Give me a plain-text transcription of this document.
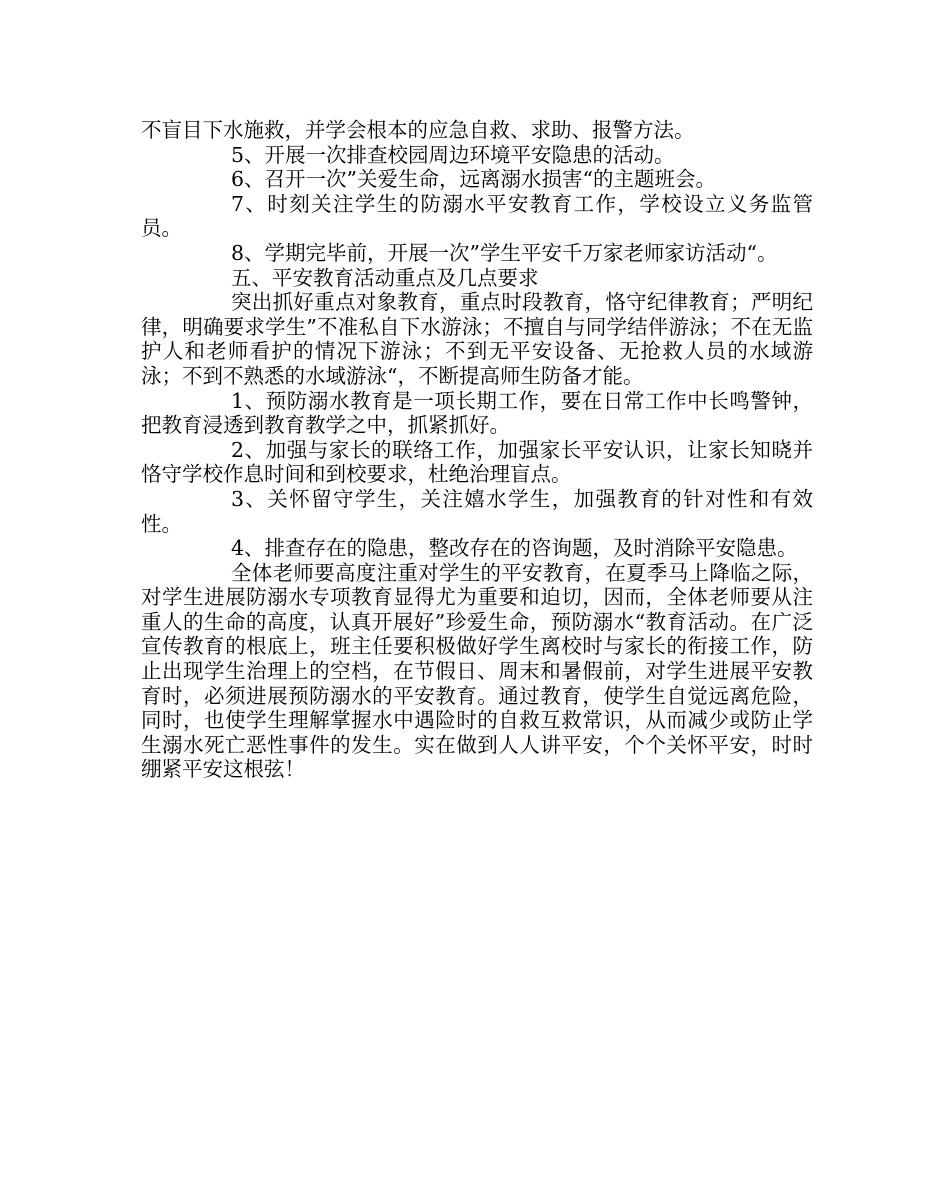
不盲目下水施救，并学会根本的应急自救、求助、报警方法。

5、开展一次排查校园周边环境平安隐患的活动。

6、召开一次”关爱生命，远离溺水损害“的主题班会。

7、时刻关注学生的防溺水平安教育工作，学校设立义务监管员。

8、学期完毕前，开展一次”学生平安千万家老师家访活动“。

五、平安教育活动重点及几点要求

突出抓好重点对象教育，重点时段教育，恪守纪律教育；严明纪律，明确要求学生”不准私自下水游泳；不擅自与同学结伴游泳；不在无监护人和老师看护的情况下游泳；不到无平安设备、无抢救人员的水域游泳；不到不熟悉的水域游泳“，不断提高师生防备才能。

1、预防溺水教育是一项长期工作，要在日常工作中长鸣警钟，把教育浸透到教育教学之中，抓紧抓好。

2、加强与家长的联络工作，加强家长平安认识，让家长知晓并恪守学校作息时间和到校要求，杜绝治理盲点。

3、关怀留守学生，关注嬉水学生，加强教育的针对性和有效性。

4、排查存在的隐患，整改存在的咨询题，及时消除平安隐患。

全体老师要高度注重对学生的平安教育，在夏季马上降临之际，对学生进展防溺水专项教育显得尤为重要和迫切，因而，全体老师要从注重人的生命的高度，认真开展好”珍爱生命，预防溺水“教育活动。在广泛宣传教育的根底上，班主任要积极做好学生离校时与家长的衔接工作，防止出现学生治理上的空档，在节假日、周末和暑假前，对学生进展平安教育时，必须进展预防溺水的平安教育。通过教育，使学生自觉远离危险，同时，也使学生理解掌握水中遇险时的自救互救常识，从而减少或防止学生溺水死亡恶性事件的发生。实在做到人人讲平安，个个关怀平安，时时绷紧平安这根弦！
